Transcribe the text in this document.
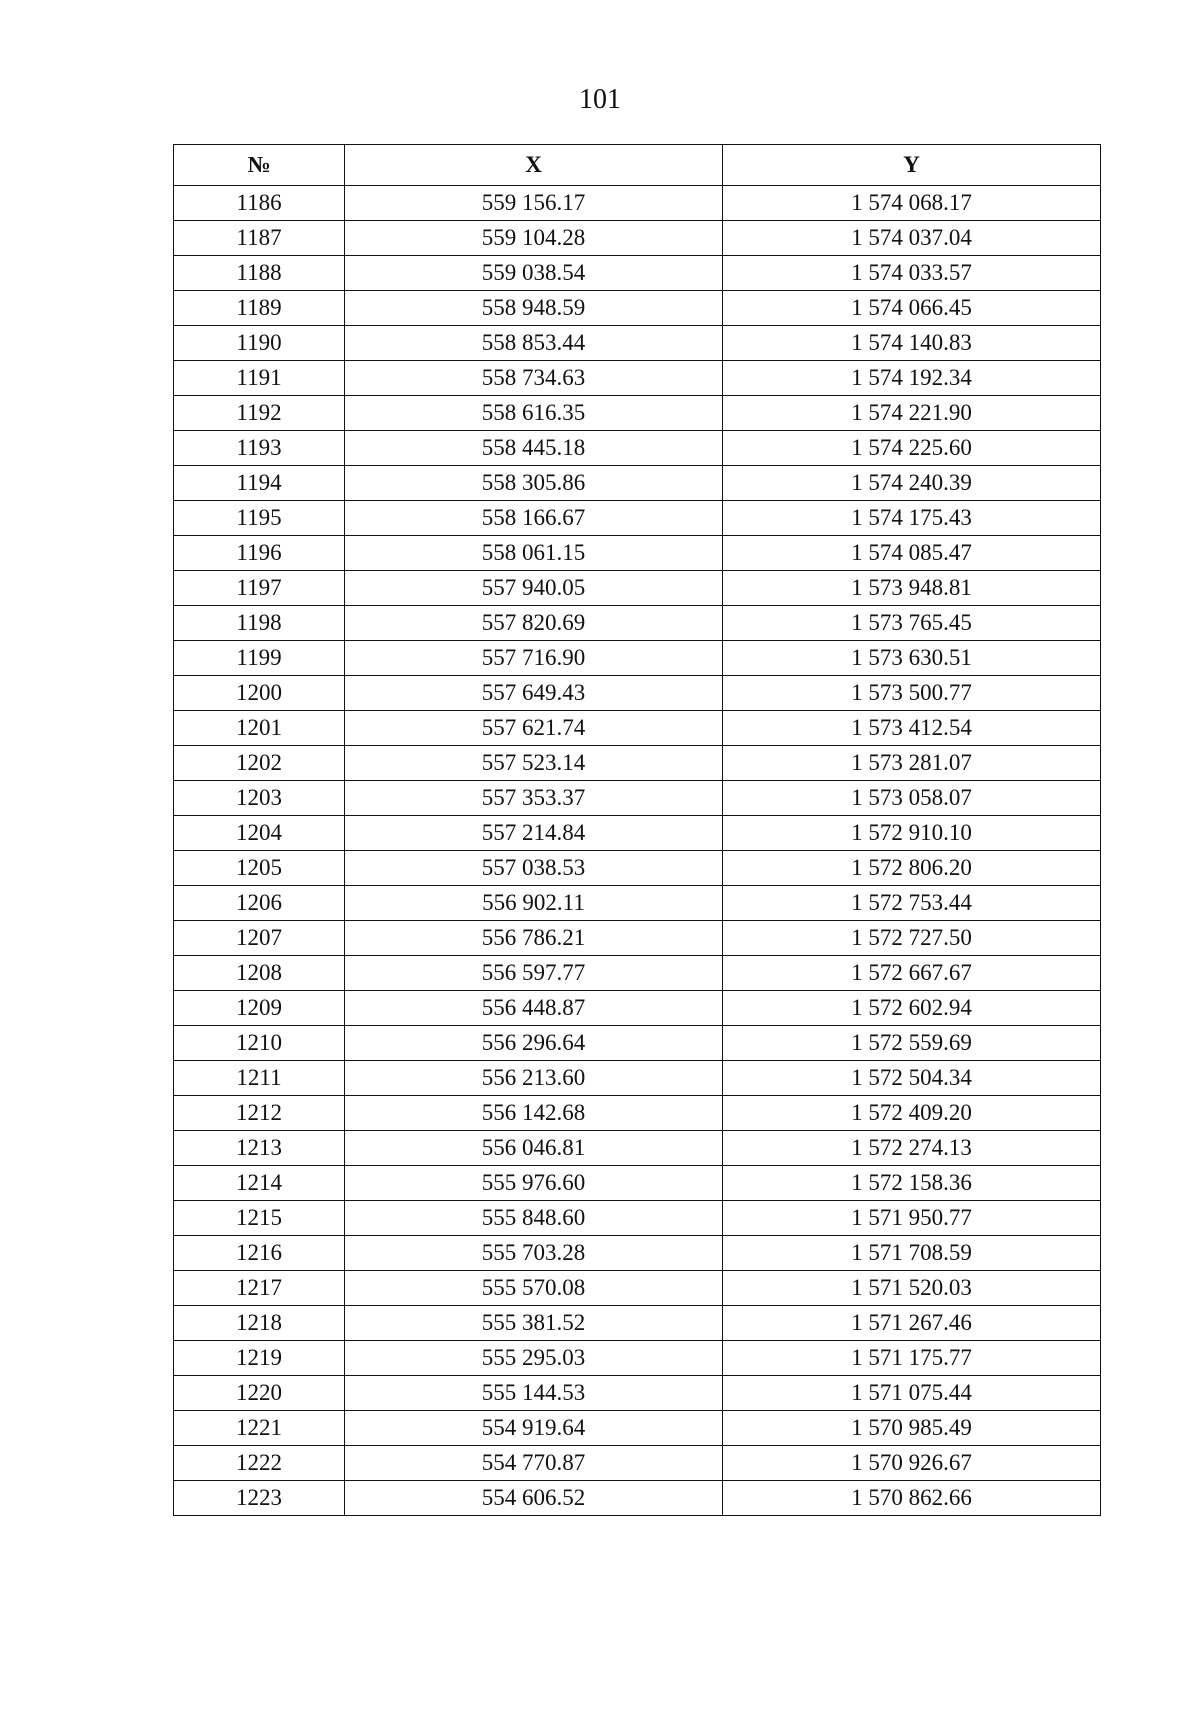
101
№	X	Y
1186	559 156.17	1 574 068.17
1187	559 104.28	1 574 037.04
1188	559 038.54	1 574 033.57
1189	558 948.59	1 574 066.45
1190	558 853.44	1 574 140.83
1191	558 734.63	1 574 192.34
1192	558 616.35	1 574 221.90
1193	558 445.18	1 574 225.60
1194	558 305.86	1 574 240.39
1195	558 166.67	1 574 175.43
1196	558 061.15	1 574 085.47
1197	557 940.05	1 573 948.81
1198	557 820.69	1 573 765.45
1199	557 716.90	1 573 630.51
1200	557 649.43	1 573 500.77
1201	557 621.74	1 573 412.54
1202	557 523.14	1 573 281.07
1203	557 353.37	1 573 058.07
1204	557 214.84	1 572 910.10
1205	557 038.53	1 572 806.20
1206	556 902.11	1 572 753.44
1207	556 786.21	1 572 727.50
1208	556 597.77	1 572 667.67
1209	556 448.87	1 572 602.94
1210	556 296.64	1 572 559.69
1211	556 213.60	1 572 504.34
1212	556 142.68	1 572 409.20
1213	556 046.81	1 572 274.13
1214	555 976.60	1 572 158.36
1215	555 848.60	1 571 950.77
1216	555 703.28	1 571 708.59
1217	555 570.08	1 571 520.03
1218	555 381.52	1 571 267.46
1219	555 295.03	1 571 175.77
1220	555 144.53	1 571 075.44
1221	554 919.64	1 570 985.49
1222	554 770.87	1 570 926.67
1223	554 606.52	1 570 862.66
